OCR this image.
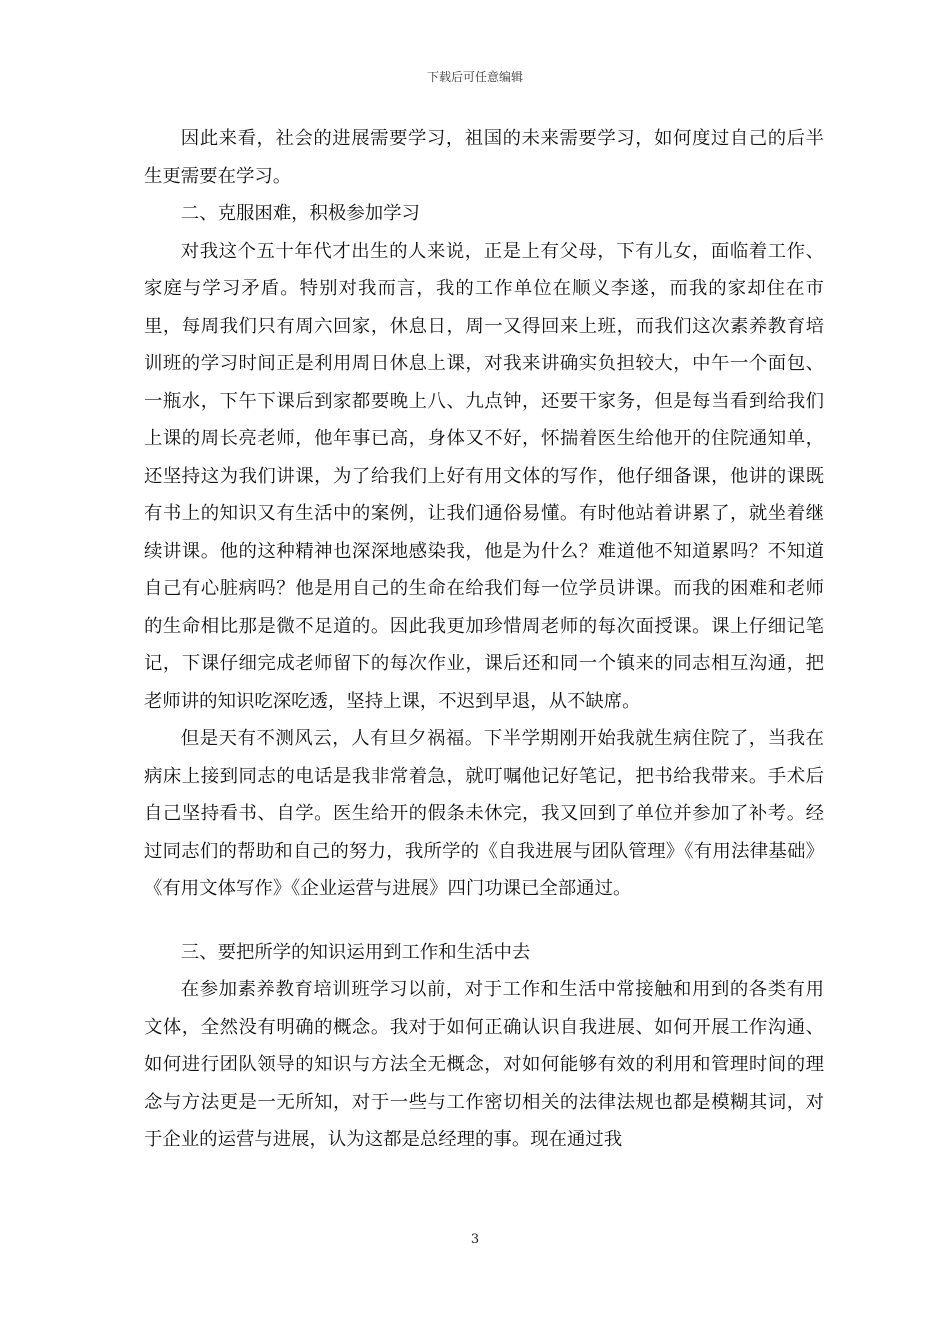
下载后可任意编辑

因此来看，社会的进展需要学习，祖国的未来需要学习，如何度过自己的后半生更需要在学习。

二、克服困难，积极参加学习

对我这个五十年代才出生的人来说，正是上有父母，下有儿女，面临着工作、家庭与学习矛盾。特别对我而言，我的工作单位在顺义李遂，而我的家却住在市里，每周我们只有周六回家，休息日，周一又得回来上班，而我们这次素养教育培训班的学习时间正是利用周日休息上课，对我来讲确实负担较大，中午一个面包、一瓶水，下午下课后到家都要晚上八、九点钟，还要干家务，但是每当看到给我们上课的周长亮老师，他年事已高，身体又不好，怀揣着医生给他开的住院通知单，还坚持这为我们讲课，为了给我们上好有用文体的写作，他仔细备课，他讲的课既有书上的知识又有生活中的案例，让我们通俗易懂。有时他站着讲累了，就坐着继续讲课。他的这种精神也深深地感染我，他是为什么？难道他不知道累吗？不知道自己有心脏病吗？他是用自己的生命在给我们每一位学员讲课。而我的困难和老师的生命相比那是微不足道的。因此我更加珍惜周老师的每次面授课。课上仔细记笔记，下课仔细完成老师留下的每次作业，课后还和同一个镇来的同志相互沟通，把老师讲的知识吃深吃透，坚持上课，不迟到早退，从不缺席。

但是天有不测风云，人有旦夕祸福。下半学期刚开始我就生病住院了，当我在病床上接到同志的电话是我非常着急，就叮嘱他记好笔记，把书给我带来。手术后自己坚持看书、自学。医生给开的假条未休完，我又回到了单位并参加了补考。经过同志们的帮助和自己的努力，我所学的《自我进展与团队管理》《有用法律基础》《有用文体写作》《企业运营与进展》四门功课已全部通过。

三、要把所学的知识运用到工作和生活中去

在参加素养教育培训班学习以前，对于工作和生活中常接触和用到的各类有用文体，全然没有明确的概念。我对于如何正确认识自我进展、如何开展工作沟通、如何进行团队领导的知识与方法全无概念，对如何能够有效的利用和管理时间的理念与方法更是一无所知，对于一些与工作密切相关的法律法规也都是模糊其词，对于企业的运营与进展，认为这都是总经理的事。现在通过我

3
